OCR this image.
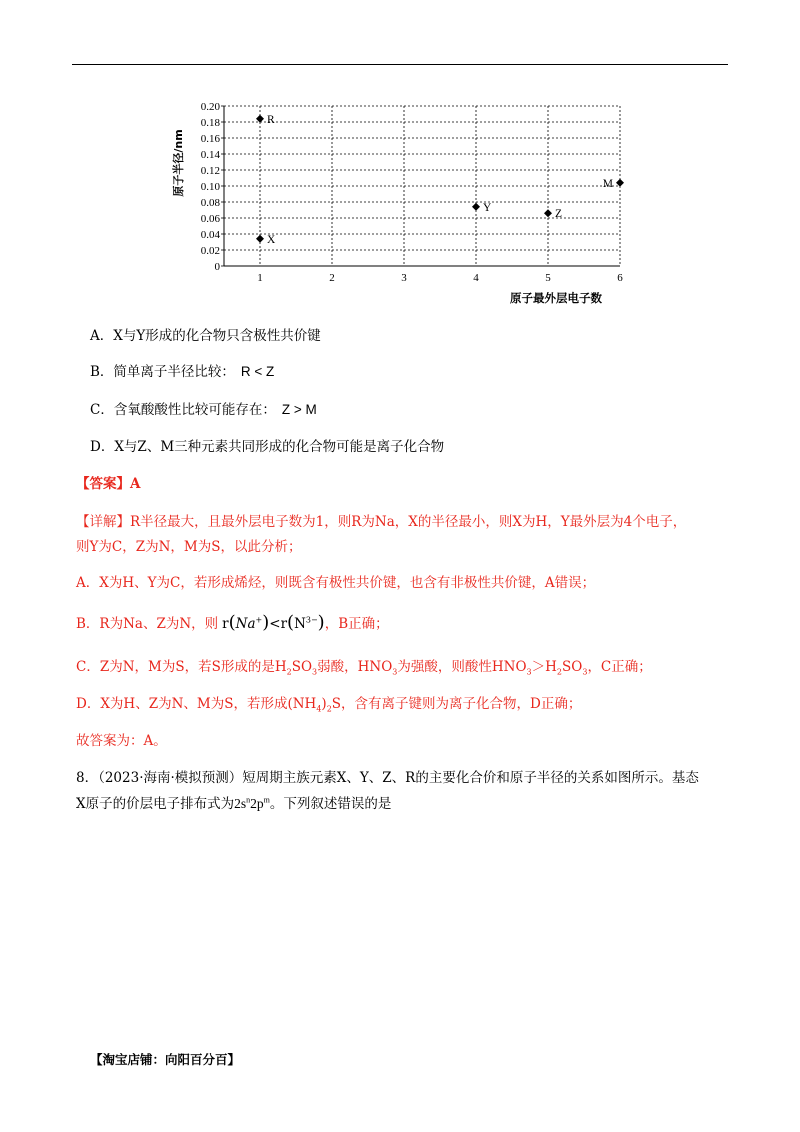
0.20
0.18
0.16
0.14
0.12
0.10
0.08
0.06
0.04
0.02
0
1	2	3	4	5	6
R
X
Y
Z
M
原子半径/nm
原子最外层电子数
A．X与Y形成的化合物只含极性共价键
B．简单离子半径比较： R < Z
C．含氧酸酸性比较可能存在： Z > M
D．X与Z、M三种元素共同形成的化合物可能是离子化合物
【答案】A
【详解】R半径最大，且最外层电子数为1，则R为Na，X的半径最小，则X为H，Y最外层为4个电子，
则Y为C，Z为N，M为S，以此分析；
A．X为H、Y为C，若形成烯烃，则既含有极性共价键，也含有非极性共价键，A错误；
B．R为Na、Z为N，则 $r(Na^+)<r(N^{3-})$，B正确；
C．Z为N，M为S，若S形成的是$H_2SO_3$弱酸，$HNO_3$为强酸，则酸性$HNO_3>H_2SO_3$，C正确；
D．X为H、Z为N、M为S，若形成$(NH_4)_2S$，含有离子键则为离子化合物，D正确；
故答案为：A。
8．（2023·海南·模拟预测）短周期主族元素X、Y、Z、R的主要化合价和原子半径的关系如图所示。基态
X原子的价层电子排布式为$2s^n2p^m$。下列叙述错误的是
【淘宝店铺：向阳百分百】
